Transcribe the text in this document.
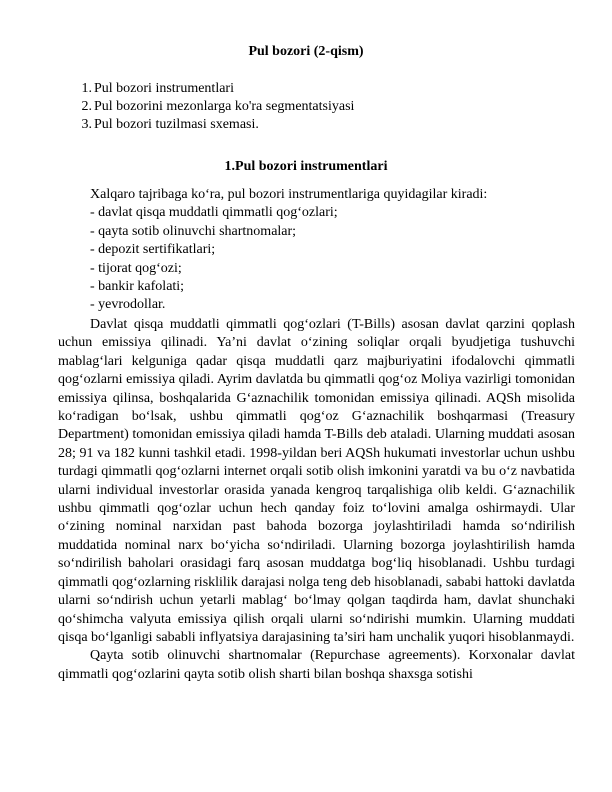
Pul bozori (2-qism)
1. Pul bozori instrumentlari
2. Pul bozorini mezonlarga ko'ra segmentatsiyasi
3. Pul bozori tuzilmasi sxemasi.
1.Pul bozori instrumentlari
Xalqaro tajribaga ko‘ra, pul bozori instrumentlariga quyidagilar kiradi:
- davlat qisqa muddatli qimmatli qog‘ozlari;
- qayta sotib olinuvchi shartnomalar;
- depozit sertifikatlari;
- tijorat qog‘ozi;
- bankir kafolati;
- yevrodollar.

Davlat qisqa muddatli qimmatli qog‘ozlari (T-Bills) asosan davlat qarzini qoplash uchun emissiya qilinadi. Ya’ni davlat o‘zining soliqlar orqali byudjetiga tushuvchi mablag‘lari kelguniga qadar qisqa muddatli qarz majburiyatini ifodalovchi qimmatli qog‘ozlarni emissiya qiladi. Ayrim davlatda bu qimmatli qog‘oz Moliya vazirligi tomonidan emissiya qilinsa, boshqalarida G‘aznachilik tomonidan emissiya qilinadi. AQSh misolida ko‘radigan bo‘lsak, ushbu qimmatli qog‘oz G‘aznachilik boshqarmasi (Treasury Department) tomonidan emissiya qiladi hamda T-Bills deb ataladi. Ularning muddati asosan 28; 91 va 182 kunni tashkil etadi. 1998-yildan beri AQSh hukumati investorlar uchun ushbu turdagi qimmatli qog‘ozlarni internet orqali sotib olish imkonini yaratdi va bu o‘z navbatida ularni individual investorlar orasida yanada kengroq tarqalishiga olib keldi. G‘aznachilik ushbu qimmatli qog‘ozlar uchun hech qanday foiz to‘lovini amalga oshirmaydi. Ular o‘zining nominal narxidan past bahoda bozorga joylashtiriladi hamda so‘ndirilish muddatida nominal narx bo‘yicha so‘ndiriladi. Ularning bozorga joylashtirilish hamda so‘ndirilish baholari orasidagi farq asosan muddatga bog‘liq hisoblanadi. Ushbu turdagi qimmatli qog‘ozlarning risklilik darajasi nolga teng deb hisoblanadi, sababi hattoki davlatda ularni so‘ndirish uchun yetarli mablag‘ bo‘lmay qolgan taqdirda ham, davlat shunchaki qo‘shimcha valyuta emissiya qilish orqali ularni so‘ndirishi mumkin. Ularning muddati qisqa bo‘lganligi sababli inflyatsiya darajasining ta’siri ham unchalik yuqori hisoblanmaydi.

Qayta sotib olinuvchi shartnomalar (Repurchase agreements). Korxonalar davlat qimmatli qog‘ozlarini qayta sotib olish sharti bilan boshqa shaxsga sotishi
